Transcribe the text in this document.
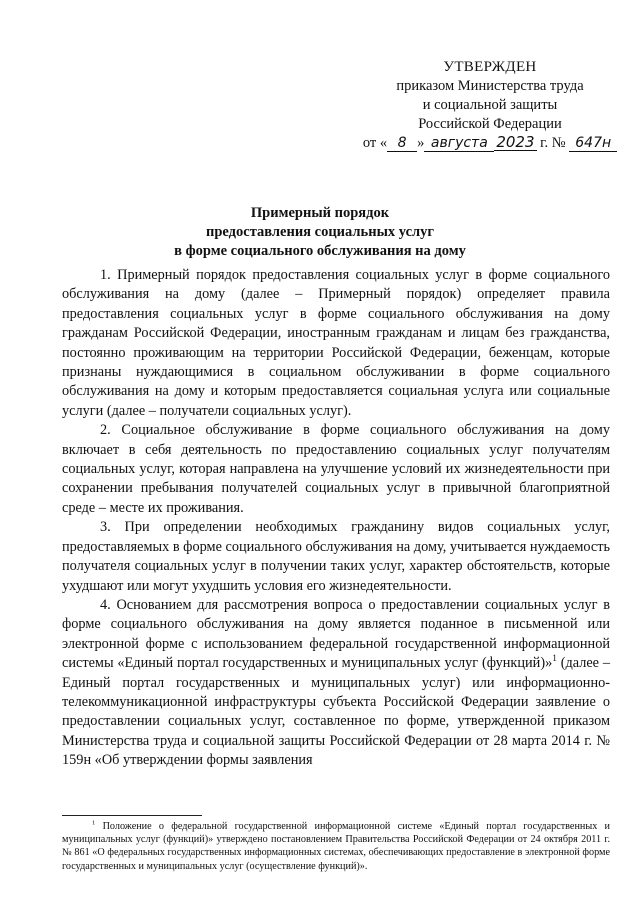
УТВЕРЖДЕН
приказом Министерства труда
и социальной защиты
Российской Федерации
от « 8 » августа 2023 г. № 647н
Примерный порядок
предоставления социальных услуг
в форме социального обслуживания на дому

1. Примерный порядок предоставления социальных услуг в форме социального обслуживания на дому (далее – Примерный порядок) определяет правила предоставления социальных услуг в форме социального обслуживания на дому гражданам Российской Федерации, иностранным гражданам и лицам без гражданства, постоянно проживающим на территории Российской Федерации, беженцам, которые признаны нуждающимися в социальном обслуживании в форме социального обслуживания на дому и которым предоставляется социальная услуга или социальные услуги (далее – получатели социальных услуг).

2. Социальное обслуживание в форме социального обслуживания на дому включает в себя деятельность по предоставлению социальных услуг получателям социальных услуг, которая направлена на улучшение условий их жизнедеятельности при сохранении пребывания получателей социальных услуг в привычной благоприятной среде – месте их проживания.

3. При определении необходимых гражданину видов социальных услуг, предоставляемых в форме социального обслуживания на дому, учитывается нуждаемость получателя социальных услуг в получении таких услуг, характер обстоятельств, которые ухудшают или могут ухудшить условия его жизнедеятельности.

4. Основанием для рассмотрения вопроса о предоставлении социальных услуг в форме социального обслуживания на дому является поданное в письменной или электронной форме с использованием федеральной государственной информационной системы «Единый портал государственных и муниципальных услуг (функций)»$^1$ (далее – Единый портал государственных и муниципальных услуг) или информационно-телекоммуникационной инфраструктуры субъекта Российской Федерации заявление о предоставлении социальных услуг, составленное по форме, утвержденной приказом Министерства труда и социальной защиты Российской Федерации от 28 марта 2014 г. № 159н «Об утверждении формы заявления

$^1$ Положение о федеральной государственной информационной системе «Единый портал государственных и муниципальных услуг (функций)» утверждено постановлением Правительства Российской Федерации от 24 октября 2011 г. № 861 «О федеральных государственных информационных системах, обеспечивающих предоставление в электронной форме государственных и муниципальных услуг (осуществление функций)».
